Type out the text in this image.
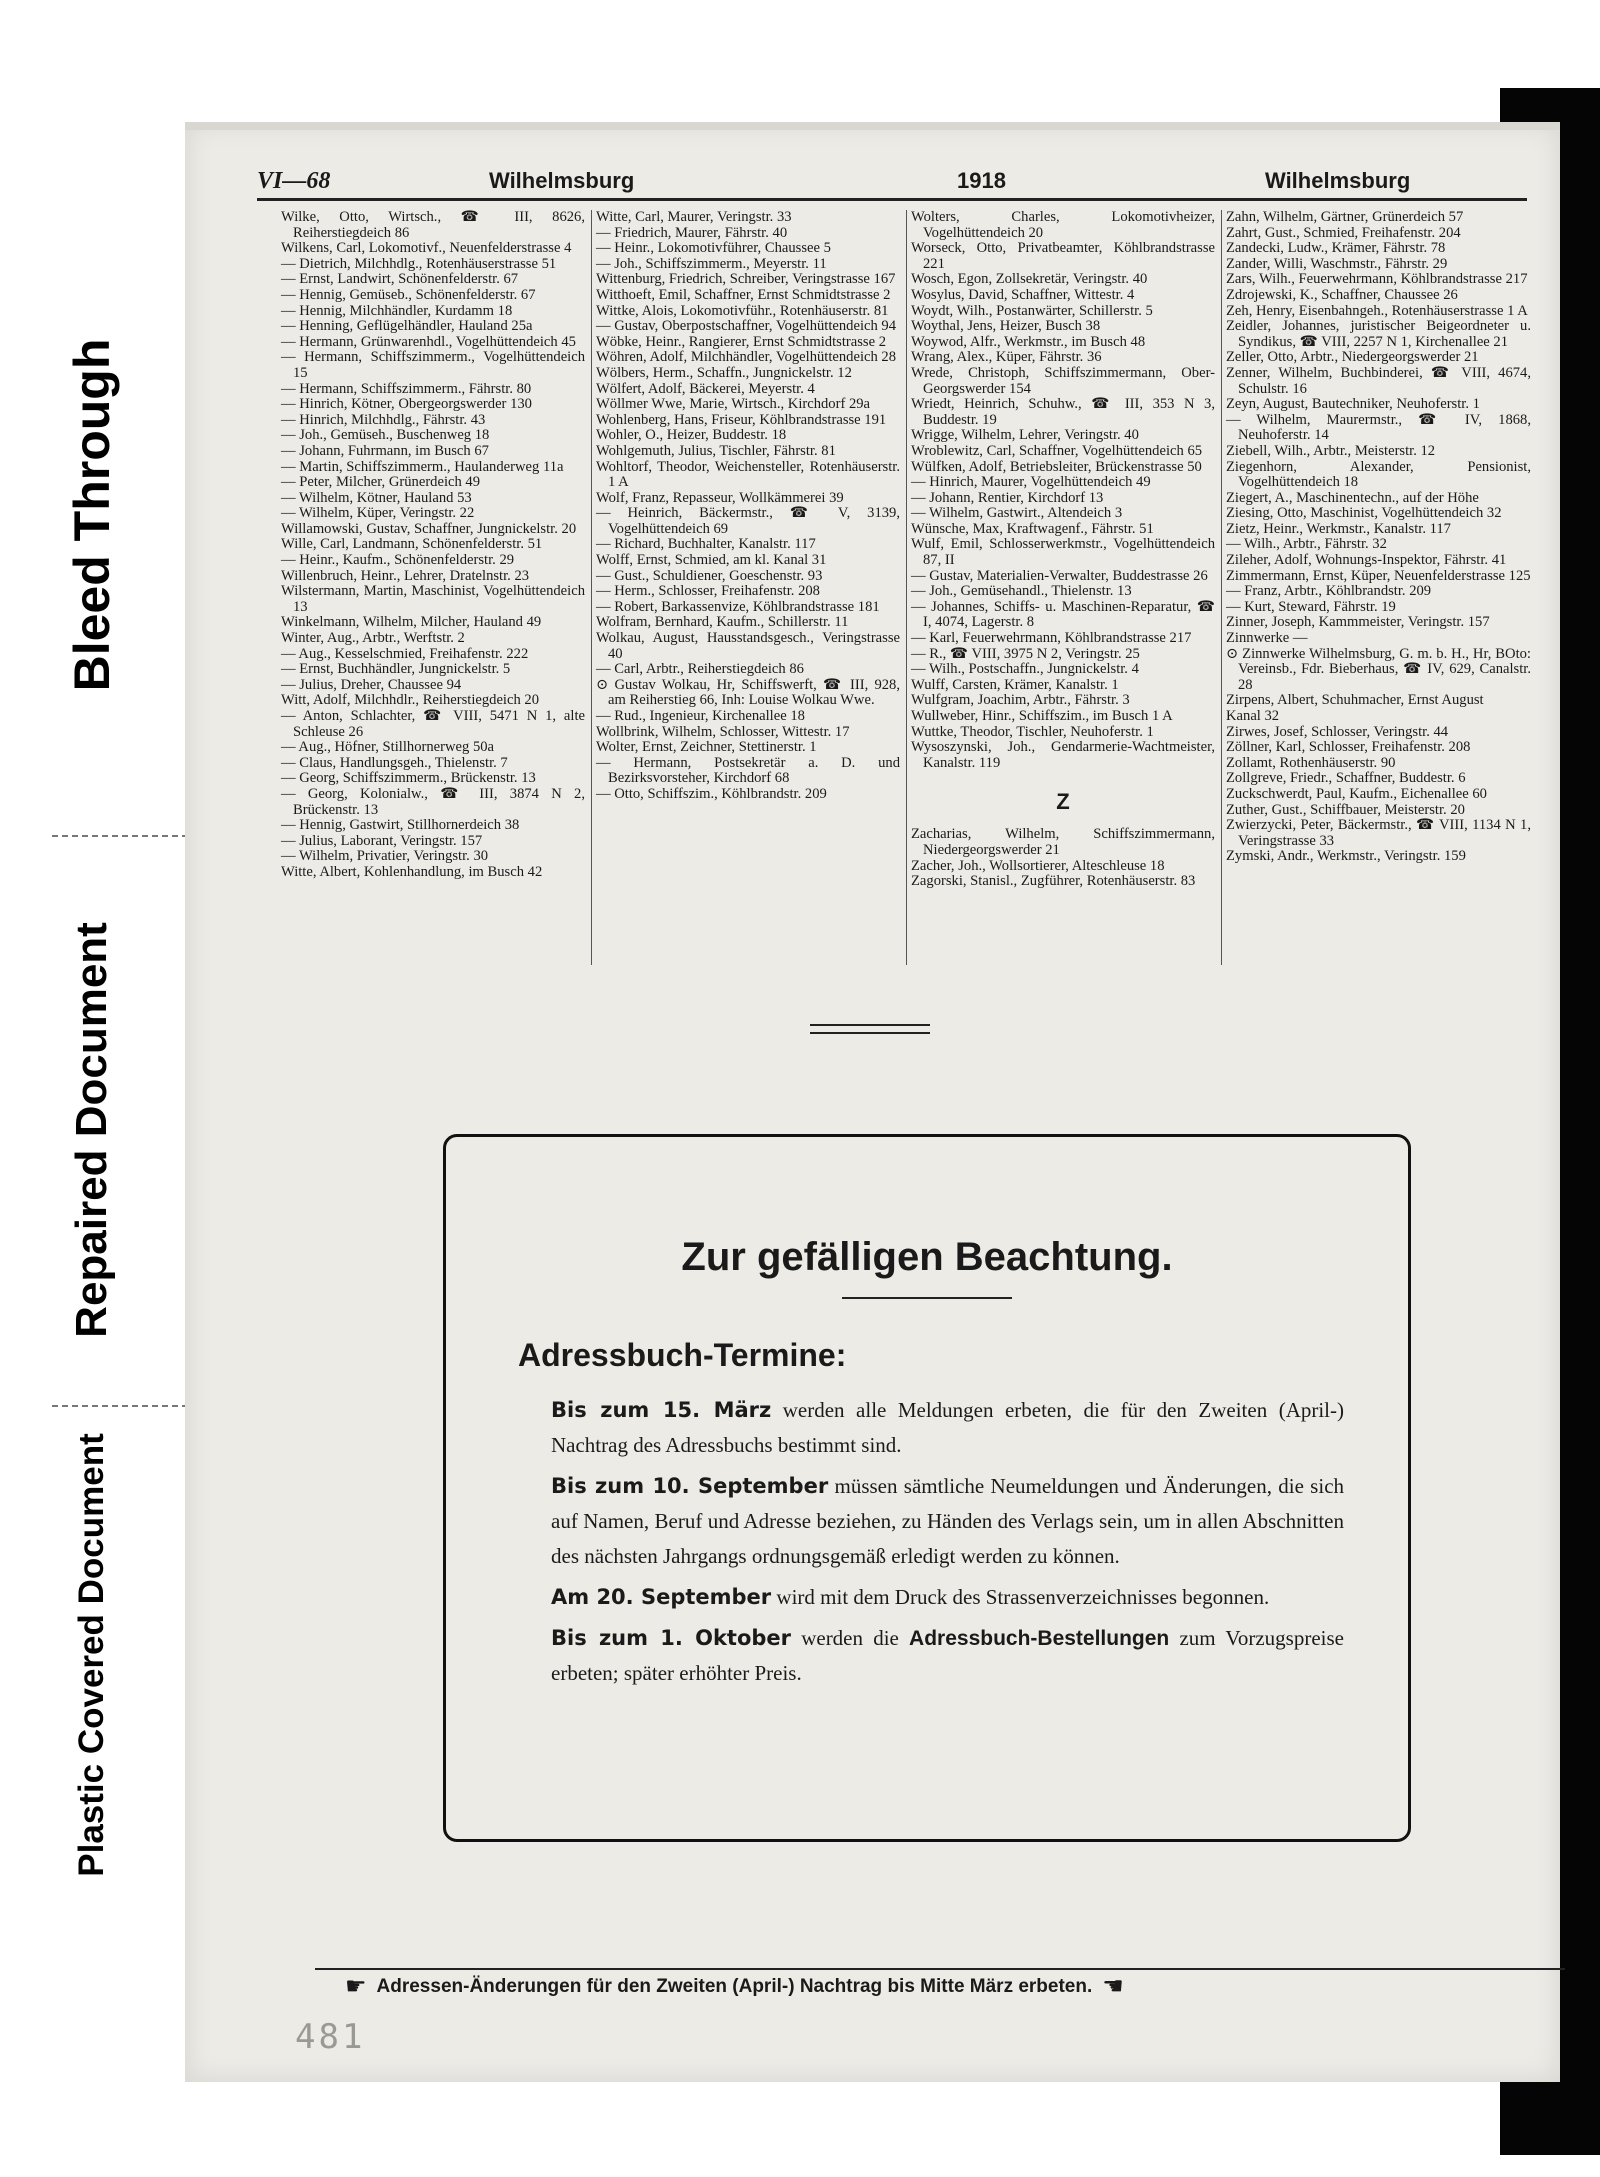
Plastic Covered Document
Repaired Document
Bleed Through
VI—68	Wilhelmsburg	1918	Wilhelmsburg

Wilke, Otto, Wirtsch., ☎ III, 8626, Reiherstiegdeich 86

Wilkens, Carl, Lokomotivf., Neuenfelderstrasse 4

— Dietrich, Milchhdlg., Rotenhäuserstrasse 51

— Ernst, Landwirt, Schönenfelderstr. 67

— Hennig, Gemüseb., Schönenfelderstr. 67

— Hennig, Milchhändler, Kurdamm 18

— Henning, Geflügelhändler, Hauland 25a

— Hermann, Grünwarenhdl., Vogelhüttendeich 45

— Hermann, Schiffszimmerm., Vogelhüttendeich 15

— Hermann, Schiffszimmerm., Fährstr. 80

— Hinrich, Kötner, Obergeorgswerder 130

— Hinrich, Milchhdlg., Fährstr. 43

— Joh., Gemüseh., Buschenweg 18

— Johann, Fuhrmann, im Busch 67

— Martin, Schiffszimmerm., Haulanderweg 11a

— Peter, Milcher, Grünerdeich 49

— Wilhelm, Kötner, Hauland 53

— Wilhelm, Küper, Veringstr. 22

Willamowski, Gustav, Schaffner, Jungnickelstr. 20

Wille, Carl, Landmann, Schönenfelderstr. 51

— Heinr., Kaufm., Schönenfelderstr. 29

Willenbruch, Heinr., Lehrer, Dratelnstr. 23

Wilstermann, Martin, Maschinist, Vogelhüttendeich 13

Winkelmann, Wilhelm, Milcher, Hauland 49

Winter, Aug., Arbtr., Werftstr. 2

— Aug., Kesselschmied, Freihafenstr. 222

— Ernst, Buchhändler, Jungnickelstr. 5

— Julius, Dreher, Chaussee 94

Witt, Adolf, Milchhdlr., Reiherstiegdeich 20

— Anton, Schlachter, ☎ VIII, 5471 N 1, alte Schleuse 26

— Aug., Höfner, Stillhornerweg 50a

— Claus, Handlungsgeh., Thielenstr. 7

— Georg, Schiffszimmerm., Brückenstr. 13

— Georg, Kolonialw., ☎ III, 3874 N 2, Brückenstr. 13

— Hennig, Gastwirt, Stillhornerdeich 38

— Julius, Laborant, Veringstr. 157

— Wilhelm, Privatier, Veringstr. 30

Witte, Albert, Kohlenhandlung, im Busch 42

Witte, Carl, Maurer, Veringstr. 33

— Friedrich, Maurer, Fährstr. 40

— Heinr., Lokomotivführer, Chaussee 5

— Joh., Schiffszimmerm., Meyerstr. 11

Wittenburg, Friedrich, Schreiber, Veringstrasse 167

Witthoeft, Emil, Schaffner, Ernst Schmidtstrasse 2

Wittke, Alois, Lokomotivführ., Rotenhäuserstr. 81

— Gustav, Oberpostschaffner, Vogelhüttendeich 94

Wöbke, Heinr., Rangierer, Ernst Schmidtstrasse 2

Wöhren, Adolf, Milchhändler, Vogelhüttendeich 28

Wölbers, Herm., Schaffn., Jungnickelstr. 12

Wölfert, Adolf, Bäckerei, Meyerstr. 4

Wöllmer Wwe, Marie, Wirtsch., Kirchdorf 29a

Wohlenberg, Hans, Friseur, Köhlbrandstrasse 191

Wohler, O., Heizer, Buddestr. 18

Wohlgemuth, Julius, Tischler, Fährstr. 81

Wohltorf, Theodor, Weichensteller, Rotenhäuserstr. 1 A

Wolf, Franz, Repasseur, Wollkämmerei 39

— Heinrich, Bäckermstr., ☎ V, 3139, Vogelhüttendeich 69

— Richard, Buchhalter, Kanalstr. 117

Wolff, Ernst, Schmied, am kl. Kanal 31

— Gust., Schuldiener, Goeschenstr. 93

— Herm., Schlosser, Freihafenstr. 208

— Robert, Barkassenvize, Köhlbrandstrasse 181

Wolfram, Bernhard, Kaufm., Schillerstr. 11

Wolkau, August, Hausstandsgesch., Veringstrasse 40

— Carl, Arbtr., Reiherstiegdeich 86

⊙ Gustav Wolkau, Hr, Schiffswerft, ☎ III, 928, am Reiherstieg 66, Inh: Louise Wolkau Wwe.

— Rud., Ingenieur, Kirchenallee 18

Wollbrink, Wilhelm, Schlosser, Wittestr. 17

Wolter, Ernst, Zeichner, Stettinerstr. 1

— Hermann, Postsekretär a. D. und Bezirksvorsteher, Kirchdorf 68

— Otto, Schiffszim., Köhlbrandstr. 209

Wolters, Charles, Lokomotivheizer, Vogelhüttendeich 20

Worseck, Otto, Privatbeamter, Köhlbrandstrasse 221

Wosch, Egon, Zollsekretär, Veringstr. 40

Wosylus, David, Schaffner, Wittestr. 4

Woydt, Wilh., Postanwärter, Schillerstr. 5

Woythal, Jens, Heizer, Busch 38

Woywod, Alfr., Werkmstr., im Busch 48

Wrang, Alex., Küper, Fährstr. 36

Wrede, Christoph, Schiffszimmermann, Ober-Georgswerder 154

Wriedt, Heinrich, Schuhw., ☎ III, 353 N 3, Buddestr. 19

Wrigge, Wilhelm, Lehrer, Veringstr. 40

Wroblewitz, Carl, Schaffner, Vogelhüttendeich 65

Wülfken, Adolf, Betriebsleiter, Brückenstrasse 50

— Hinrich, Maurer, Vogelhüttendeich 49

— Johann, Rentier, Kirchdorf 13

— Wilhelm, Gastwirt., Altendeich 3

Wünsche, Max, Kraftwagenf., Fährstr. 51

Wulf, Emil, Schlosserwerkmstr., Vogelhüttendeich 87, II

— Gustav, Materialien-Verwalter, Buddestrasse 26

— Joh., Gemüsehandl., Thielenstr. 13

— Johannes, Schiffs- u. Maschinen-Reparatur, ☎ I, 4074, Lagerstr. 8

— Karl, Feuerwehrmann, Köhlbrandstrasse 217

— R., ☎ VIII, 3975 N 2, Veringstr. 25

— Wilh., Postschaffn., Jungnickelstr. 4

Wulff, Carsten, Krämer, Kanalstr. 1

Wulfgram, Joachim, Arbtr., Fährstr. 3

Wullweber, Hinr., Schiffszim., im Busch 1 A

Wuttke, Theodor, Tischler, Neuhoferstr. 1

Wysoszynski, Joh., Gendarmerie-Wachtmeister, Kanalstr. 119

Z

Zacharias, Wilhelm, Schiffszimmermann, Niedergeorgswerder 21

Zacher, Joh., Wollsortierer, Alteschleuse 18

Zagorski, Stanisl., Zugführer, Rotenhäuserstr. 83

Zahn, Wilhelm, Gärtner, Grünerdeich 57

Zahrt, Gust., Schmied, Freihafenstr. 204

Zandecki, Ludw., Krämer, Fährstr. 78

Zander, Willi, Waschmstr., Fährstr. 29

Zars, Wilh., Feuerwehrmann, Köhlbrandstrasse 217

Zdrojewski, K., Schaffner, Chaussee 26

Zeh, Henry, Eisenbahngeh., Rotenhäuserstrasse 1 A

Zeidler, Johannes, juristischer Beigeordneter u. Syndikus, ☎ VIII, 2257 N 1, Kirchenallee 21

Zeller, Otto, Arbtr., Niedergeorgswerder 21

Zenner, Wilhelm, Buchbinderei, ☎ VIII, 4674, Schulstr. 16

Zeyn, August, Bautechniker, Neuhoferstr. 1

— Wilhelm, Maurermstr., ☎ IV, 1868, Neuhoferstr. 14

Ziebell, Wilh., Arbtr., Meisterstr. 12

Ziegenhorn, Alexander, Pensionist, Vogelhüttendeich 18

Ziegert, A., Maschinentechn., auf der Höhe

Ziesing, Otto, Maschinist, Vogelhüttendeich 32

Zietz, Heinr., Werkmstr., Kanalstr. 117

— Wilh., Arbtr., Fährstr. 32

Zileher, Adolf, Wohnungs-Inspektor, Fährstr. 41

Zimmermann, Ernst, Küper, Neuenfelderstrasse 125

— Franz, Arbtr., Köhlbrandstr. 209

— Kurt, Steward, Fährstr. 19

Zinner, Joseph, Kammmeister, Veringstr. 157

Zinnwerke —

⊙ Zinnwerke Wilhelmsburg, G. m. b. H., Hr, BOto: Vereinsb., Fdr. Bieberhaus, ☎ IV, 629, Canalstr. 28

Zirpens, Albert, Schuhmacher, Ernst August

Kanal 32

Zirwes, Josef, Schlosser, Veringstr. 44

Zöllner, Karl, Schlosser, Freihafenstr. 208

Zollamt, Rothenhäuserstr. 90

Zollgreve, Friedr., Schaffner, Buddestr. 6

Zuckschwerdt, Paul, Kaufm., Eichenallee 60

Zuther, Gust., Schiffbauer, Meisterstr. 20

Zwierzycki, Peter, Bäckermstr., ☎ VIII, 1134 N 1, Veringstrasse 33

Zymski, Andr., Werkmstr., Veringstr. 159

Zur gefälligen Beachtung.
Adressbuch-Termine:

Bis zum 15. März werden alle Meldungen erbeten, die für den Zweiten (April-) Nachtrag des Adressbuchs bestimmt sind.

Bis zum 10. September müssen sämtliche Neumeldungen und Änderungen, die sich auf Namen, Beruf und Adresse beziehen, zu Händen des Verlags sein, um in allen Abschnitten des nächsten Jahrgangs ordnungsgemäß erledigt werden zu können.

Am 20. September wird mit dem Druck des Strassenverzeichnisses begonnen.

Bis zum 1. Oktober werden die Adressbuch-Bestellungen zum Vorzugspreise erbeten; später erhöhter Preis.

☛ Adressen-Änderungen für den Zweiten (April-) Nachtrag bis Mitte März erbeten. ☚
481
